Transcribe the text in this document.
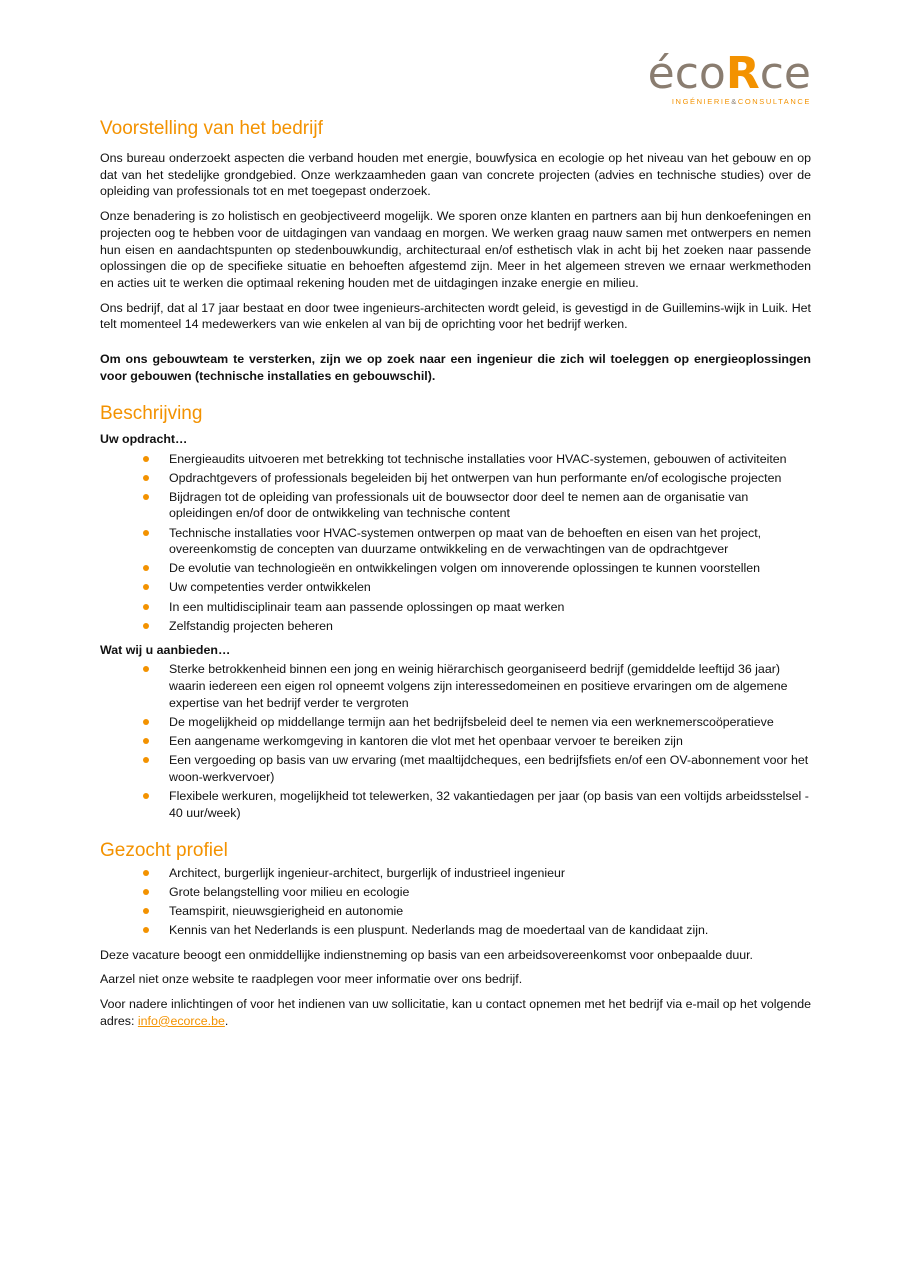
écoRce
INGÉNIERIE&CONSULTANCE
Voorstelling van het bedrijf

Ons bureau onderzoekt aspecten die verband houden met energie, bouwfysica en ecologie op het niveau van het gebouw en op dat van het stedelijke grondgebied. Onze werkzaamheden gaan van concrete projecten (advies en technische studies) over de opleiding van professionals tot en met toegepast onderzoek.

Onze benadering is zo holistisch en geobjectiveerd mogelijk. We sporen onze klanten en partners aan bij hun denkoefeningen en projecten oog te hebben voor de uitdagingen van vandaag en morgen. We werken graag nauw samen met ontwerpers en nemen hun eisen en aandachtspunten op stedenbouwkundig, architecturaal en/of esthetisch vlak in acht bij het zoeken naar passende oplossingen die op de specifieke situatie en behoeften afgestemd zijn. Meer in het algemeen streven we ernaar werkmethoden en acties uit te werken die optimaal rekening houden met de uitdagingen inzake energie en milieu.

Ons bedrijf, dat al 17 jaar bestaat en door twee ingenieurs-architecten wordt geleid, is gevestigd in de Guillemins-wijk in Luik. Het telt momenteel 14 medewerkers van wie enkelen al van bij de oprichting voor het bedrijf werken.

Om ons gebouwteam te versterken, zijn we op zoek naar een ingenieur die zich wil toeleggen op energieoplossingen voor gebouwen (technische installaties en gebouwschil).

Beschrijving

Uw opdracht…

Energieaudits uitvoeren met betrekking tot technische installaties voor HVAC-systemen, gebouwen of activiteiten
Opdrachtgevers of professionals begeleiden bij het ontwerpen van hun performante en/of ecologische projecten
Bijdragen tot de opleiding van professionals uit de bouwsector door deel te nemen aan de organisatie van opleidingen en/of door de ontwikkeling van technische content
Technische installaties voor HVAC-systemen ontwerpen op maat van de behoeften en eisen van het project, overeenkomstig de concepten van duurzame ontwikkeling en de verwachtingen van de opdrachtgever
De evolutie van technologieën en ontwikkelingen volgen om innoverende oplossingen te kunnen voorstellen
Uw competenties verder ontwikkelen
In een multidisciplinair team aan passende oplossingen op maat werken
Zelfstandig projecten beheren

Wat wij u aanbieden…

Sterke betrokkenheid binnen een jong en weinig hiërarchisch georganiseerd bedrijf (gemiddelde leeftijd 36 jaar) waarin iedereen een eigen rol opneemt volgens zijn interessedomeinen en positieve ervaringen om de algemene expertise van het bedrijf verder te vergroten
De mogelijkheid op middellange termijn aan het bedrijfsbeleid deel te nemen via een werknemerscoöperatieve
Een aangename werkomgeving in kantoren die vlot met het openbaar vervoer te bereiken zijn
Een vergoeding op basis van uw ervaring (met maaltijdcheques, een bedrijfsfiets en/of een OV-abonnement voor het woon-werkvervoer)
Flexibele werkuren, mogelijkheid tot telewerken, 32 vakantiedagen per jaar (op basis van een voltijds arbeidsstelsel - 40 uur/week)
Gezocht profiel
Architect, burgerlijk ingenieur-architect, burgerlijk of industrieel ingenieur
Grote belangstelling voor milieu en ecologie
Teamspirit, nieuwsgierigheid en autonomie
Kennis van het Nederlands is een pluspunt. Nederlands mag de moedertaal van de kandidaat zijn.

Deze vacature beoogt een onmiddellijke indienstneming op basis van een arbeidsovereenkomst voor onbepaalde duur.

Aarzel niet onze website te raadplegen voor meer informatie over ons bedrijf.

Voor nadere inlichtingen of voor het indienen van uw sollicitatie, kan u contact opnemen met het bedrijf via e-mail op het volgende adres: info@ecorce.be.
